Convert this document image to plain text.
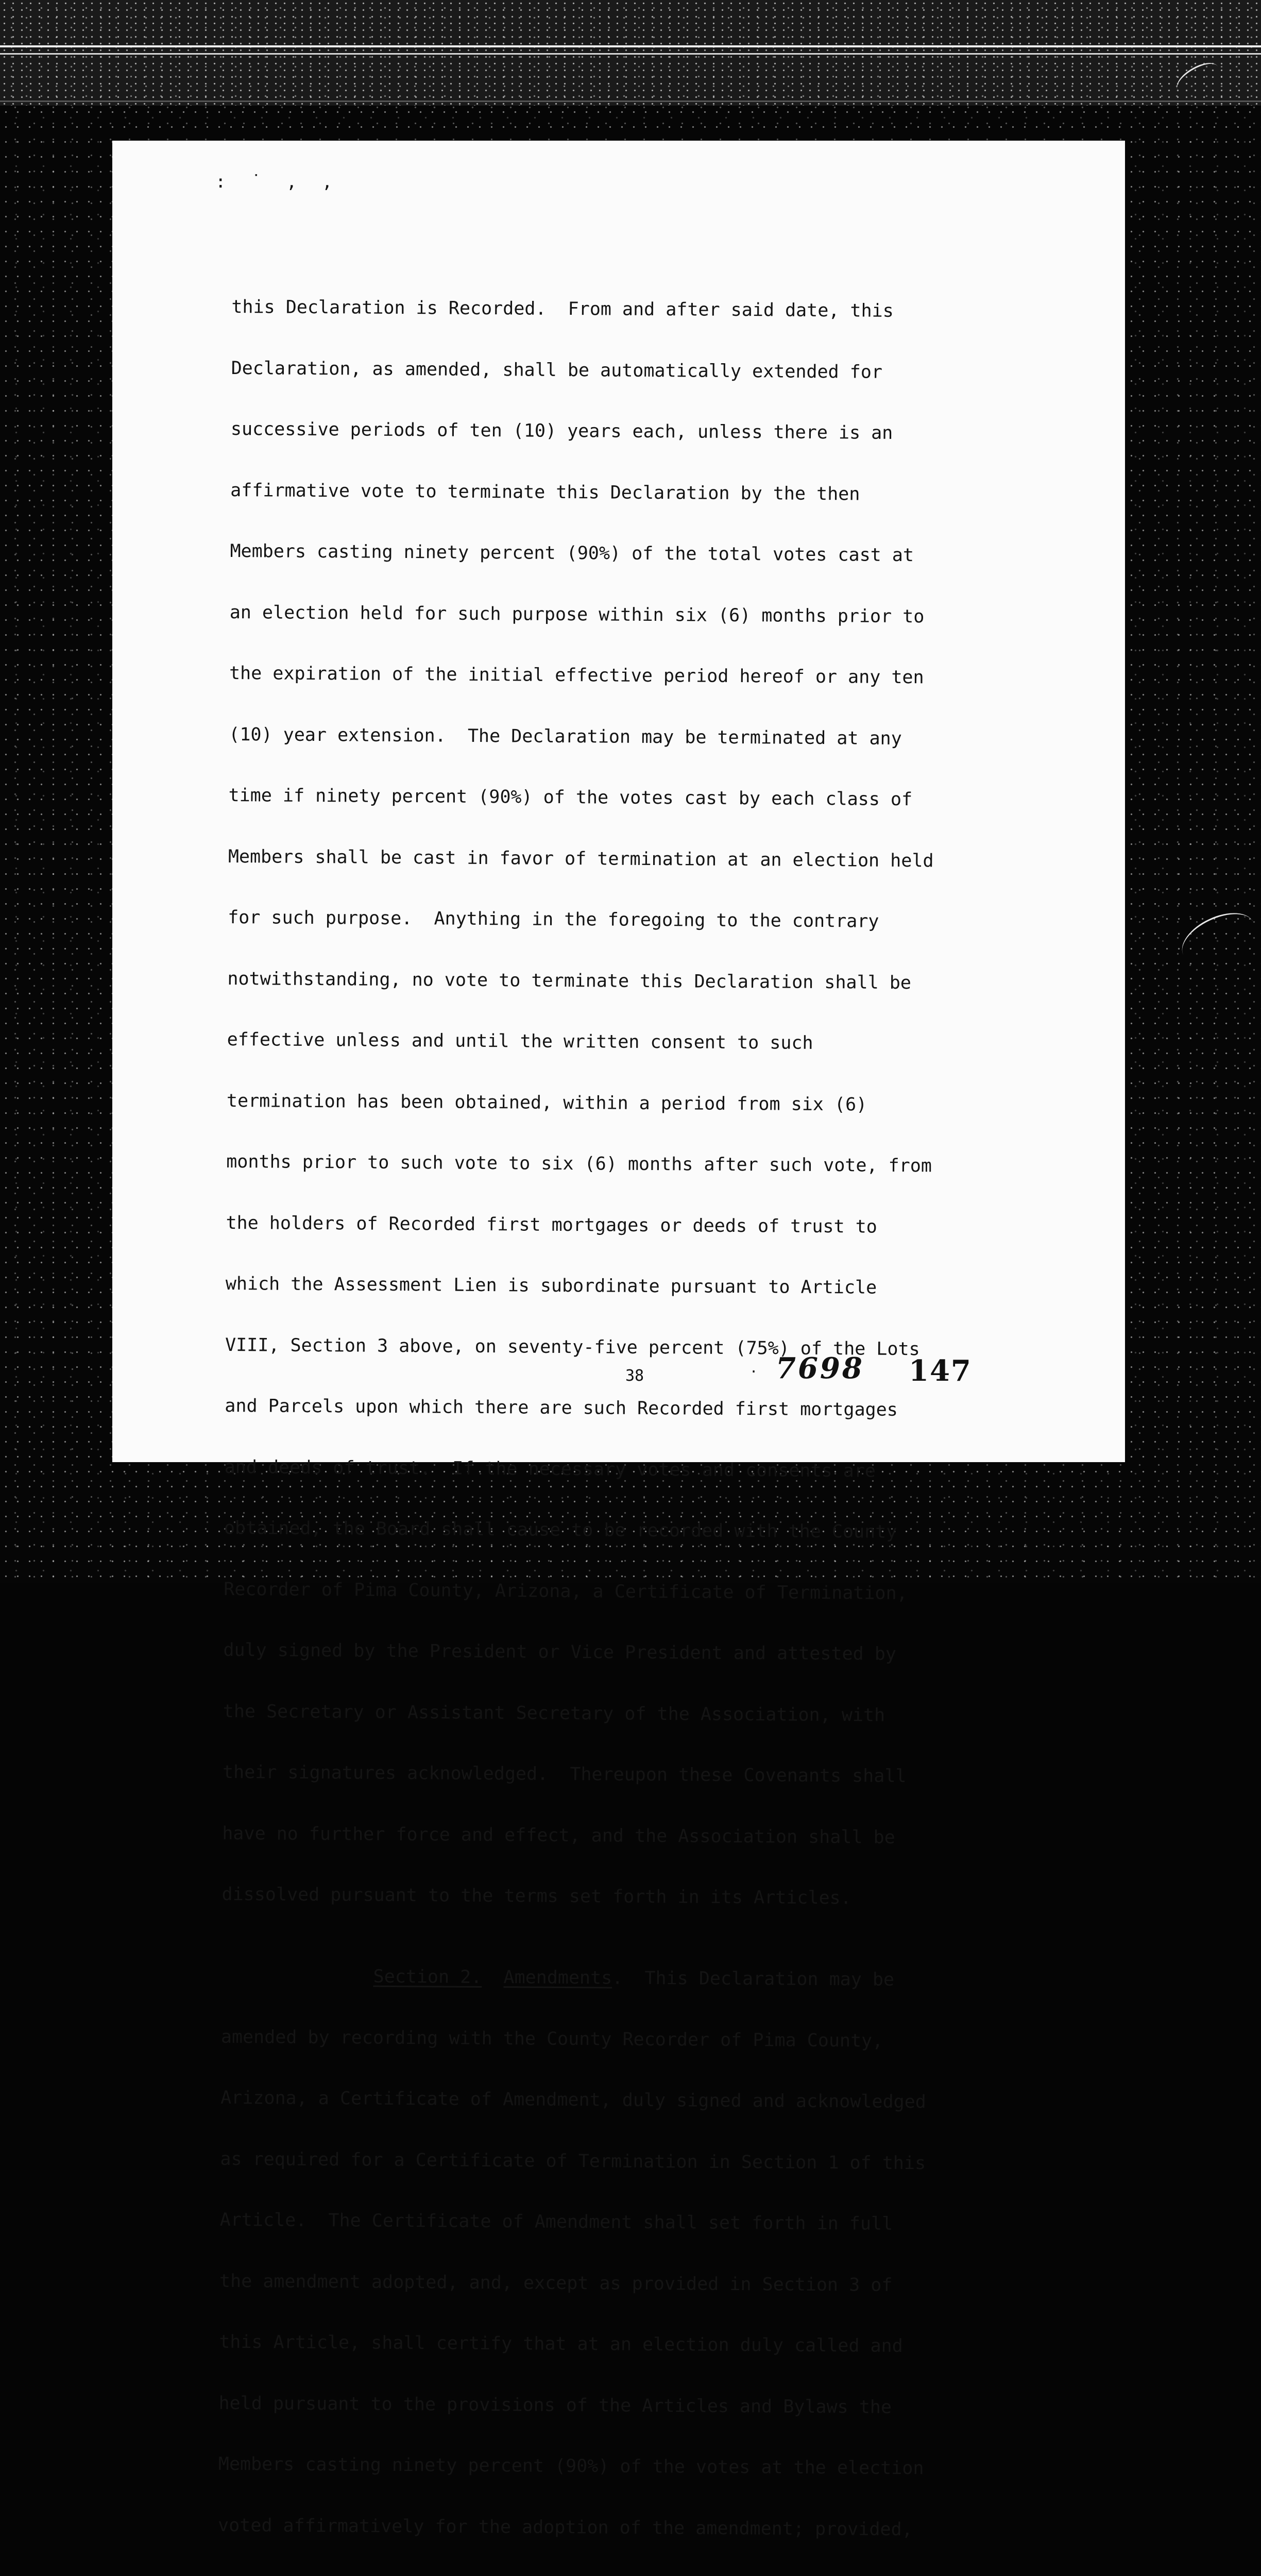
: ˙ , ,

this Declaration is Recorded.  From and after said date, this

Declaration, as amended, shall be automatically extended for

successive periods of ten (10) years each, unless there is an

affirmative vote to terminate this Declaration by the then

Members casting ninety percent (90%) of the total votes cast at

an election held for such purpose within six (6) months prior to

the expiration of the initial effective period hereof or any ten

(10) year extension.  The Declaration may be terminated at any

time if ninety percent (90%) of the votes cast by each class of

Members shall be cast in favor of termination at an election held

for such purpose.  Anything in the foregoing to the contrary

notwithstanding, no vote to terminate this Declaration shall be

effective unless and until the written consent to such

termination has been obtained, within a period from six (6)

months prior to such vote to six (6) months after such vote, from

the holders of Recorded first mortgages or deeds of trust to

which the Assessment Lien is subordinate pursuant to Article

VIII, Section 3 above, on seventy-five percent (75%) of the Lots

and Parcels upon which there are such Recorded first mortgages

and deeds of trust.  If the necessary votes and consents are

obtained, the Board shall cause to be recorded with the County

Recorder of Pima County, Arizona, a Certificate of Termination,

duly signed by the President or Vice President and attested by

the Secretary or Assistant Secretary of the Association, with

their signatures acknowledged.  Thereupon these Covenants shall

have no further force and effect, and the Association shall be

dissolved pursuant to the terms set forth in its Articles.

Section 2. Amendments.  This Declaration may be

amended by recording with the County Recorder of Pima County,

Arizona, a Certificate of Amendment, duly signed and acknowledged

as required for a Certificate of Termination in Section 1 of this

Article.  The Certificate of Amendment shall set forth in full

the amendment adopted, and, except as provided in Section 3 of

this Article, shall certify that at an election duly called and

held pursuant to the provisions of the Articles and Bylaws the

Members casting ninety percent (90%) of the votes at the election

voted affirmatively for the adoption of the amendment; provided,

38	· 7698 147
